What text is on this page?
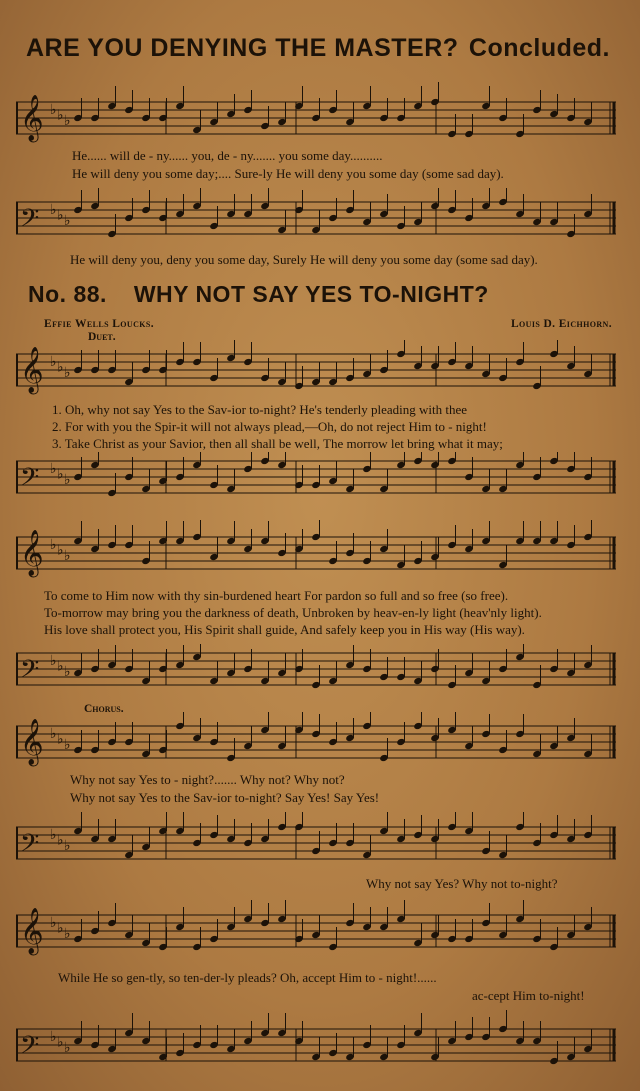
ARE YOU DENYING THE MASTER? Concluded.
𝄞 ♭ ♭ ♭
He...... will de - ny...... you, de - ny....... you some day..........
He will deny you some day;.... Sure-ly He will deny you some day (some sad day).
𝄢 ♭ ♭ ♭
He will deny you, deny you some day, Surely He will deny you some day (some sad day).
No. 88. WHY NOT SAY YES TO-NIGHT?
Effie Wells Loucks.	Louis D. Eichhorn.
Duet.
𝄞 ♭ ♭ ♭
1. Oh, why not say Yes to the Sav-ior to-night? He's tenderly pleading with thee
2. For with you the Spir-it will not always plead,—Oh, do not reject Him to - night!
3. Take Christ as your Savior, then all shall be well, The morrow let bring what it may;
𝄢 ♭ ♭ ♭
𝄞 ♭ ♭ ♭
To come to Him now with thy sin-burdened heart For pardon so full and so free (so free).
To-morrow may bring you the darkness of death, Unbroken by heav-en-ly light (heav'nly light).
His love shall protect you, His Spirit shall guide, And safely keep you in His way (His way).
𝄢 ♭ ♭ ♭
Chorus.
𝄞 ♭ ♭ ♭
Why not say Yes to - night?....... Why not? Why not?
Why not say Yes to the Sav-ior to-night? Say Yes! Say Yes!
𝄢 ♭ ♭ ♭
Why not say Yes? Why not to-night?
𝄞 ♭ ♭ ♭
While He so gen-tly, so ten-der-ly pleads? Oh, accept Him to - night!......
ac-cept Him to-night!
𝄢 ♭ ♭ ♭
